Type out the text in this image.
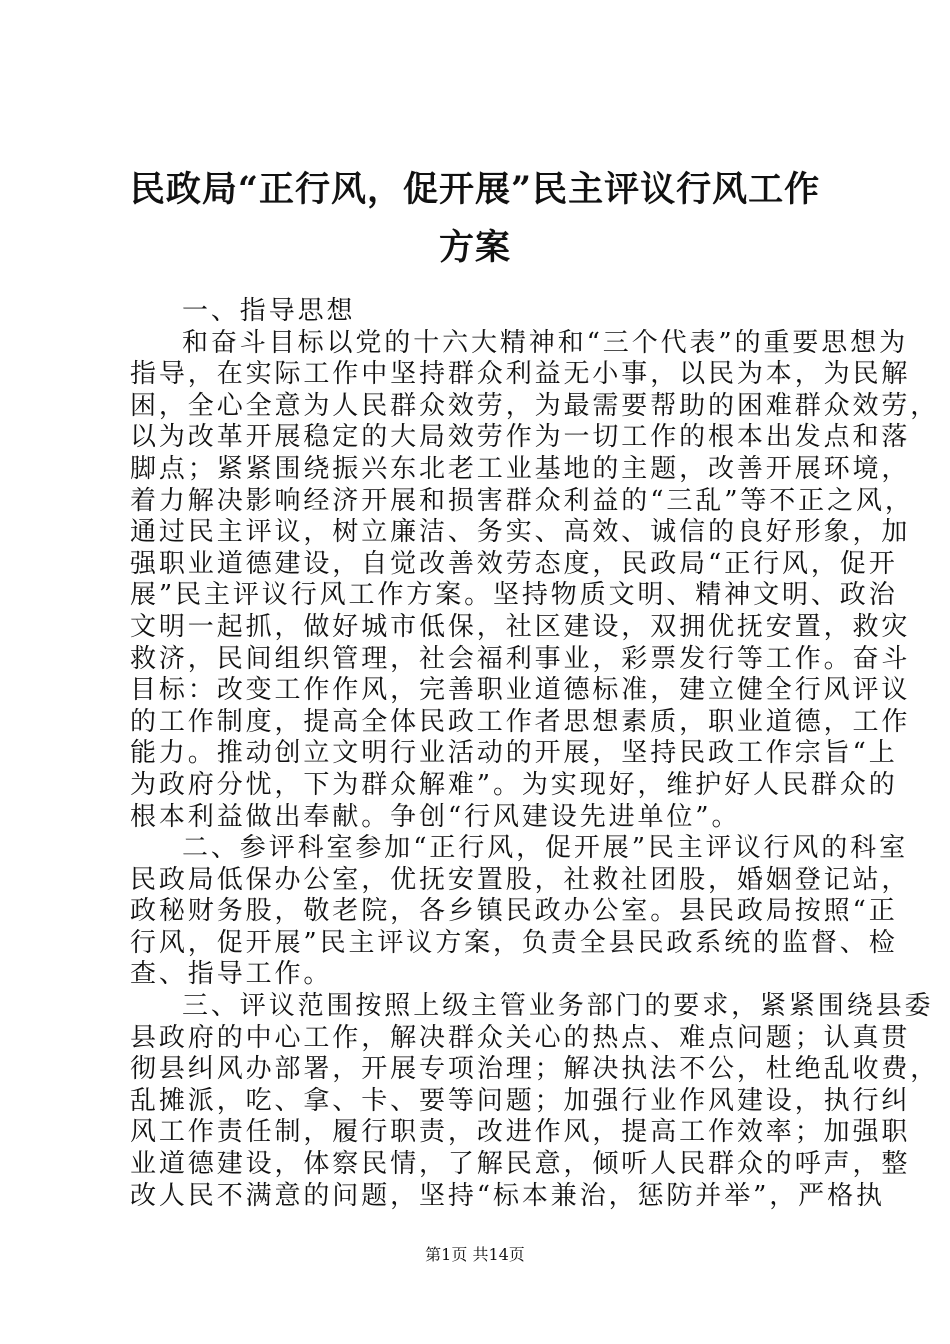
民政局“正行风，促开展”民主评议行风工作
方案
一、指导思想
和奋斗目标以党的十六大精神和“三个代表”的重要思想为
指导，在实际工作中坚持群众利益无小事，以民为本，为民解
困，全心全意为人民群众效劳，为最需要帮助的困难群众效劳，
以为改革开展稳定的大局效劳作为一切工作的根本出发点和落
脚点；紧紧围绕振兴东北老工业基地的主题，改善开展环境，
着力解决影响经济开展和损害群众利益的“三乱”等不正之风，
通过民主评议，树立廉洁、务实、高效、诚信的良好形象，加
强职业道德建设，自觉改善效劳态度，民政局“正行风，促开
展”民主评议行风工作方案。坚持物质文明、精神文明、政治
文明一起抓，做好城市低保，社区建设，双拥优抚安置，救灾
救济，民间组织管理，社会福利事业，彩票发行等工作。奋斗
目标：改变工作作风，完善职业道德标准，建立健全行风评议
的工作制度，提高全体民政工作者思想素质，职业道德，工作
能力。推动创立文明行业活动的开展，坚持民政工作宗旨“上
为政府分忧，下为群众解难”。为实现好，维护好人民群众的
根本利益做出奉献。争创“行风建设先进单位”。
二、参评科室参加“正行风，促开展”民主评议行风的科室
民政局低保办公室，优抚安置股，社救社团股，婚姻登记站，
政秘财务股，敬老院，各乡镇民政办公室。县民政局按照“正
行风，促开展”民主评议方案，负责全县民政系统的监督、检
查、指导工作。
三、评议范围按照上级主管业务部门的要求，紧紧围绕县委
县政府的中心工作，解决群众关心的热点、难点问题；认真贯
彻县纠风办部署，开展专项治理；解决执法不公，杜绝乱收费，
乱摊派，吃、拿、卡、要等问题；加强行业作风建设，执行纠
风工作责任制，履行职责，改进作风，提高工作效率；加强职
业道德建设，体察民情，了解民意，倾听人民群众的呼声，整
改人民不满意的问题，坚持“标本兼治，惩防并举”，严格执
第1页 共14页
